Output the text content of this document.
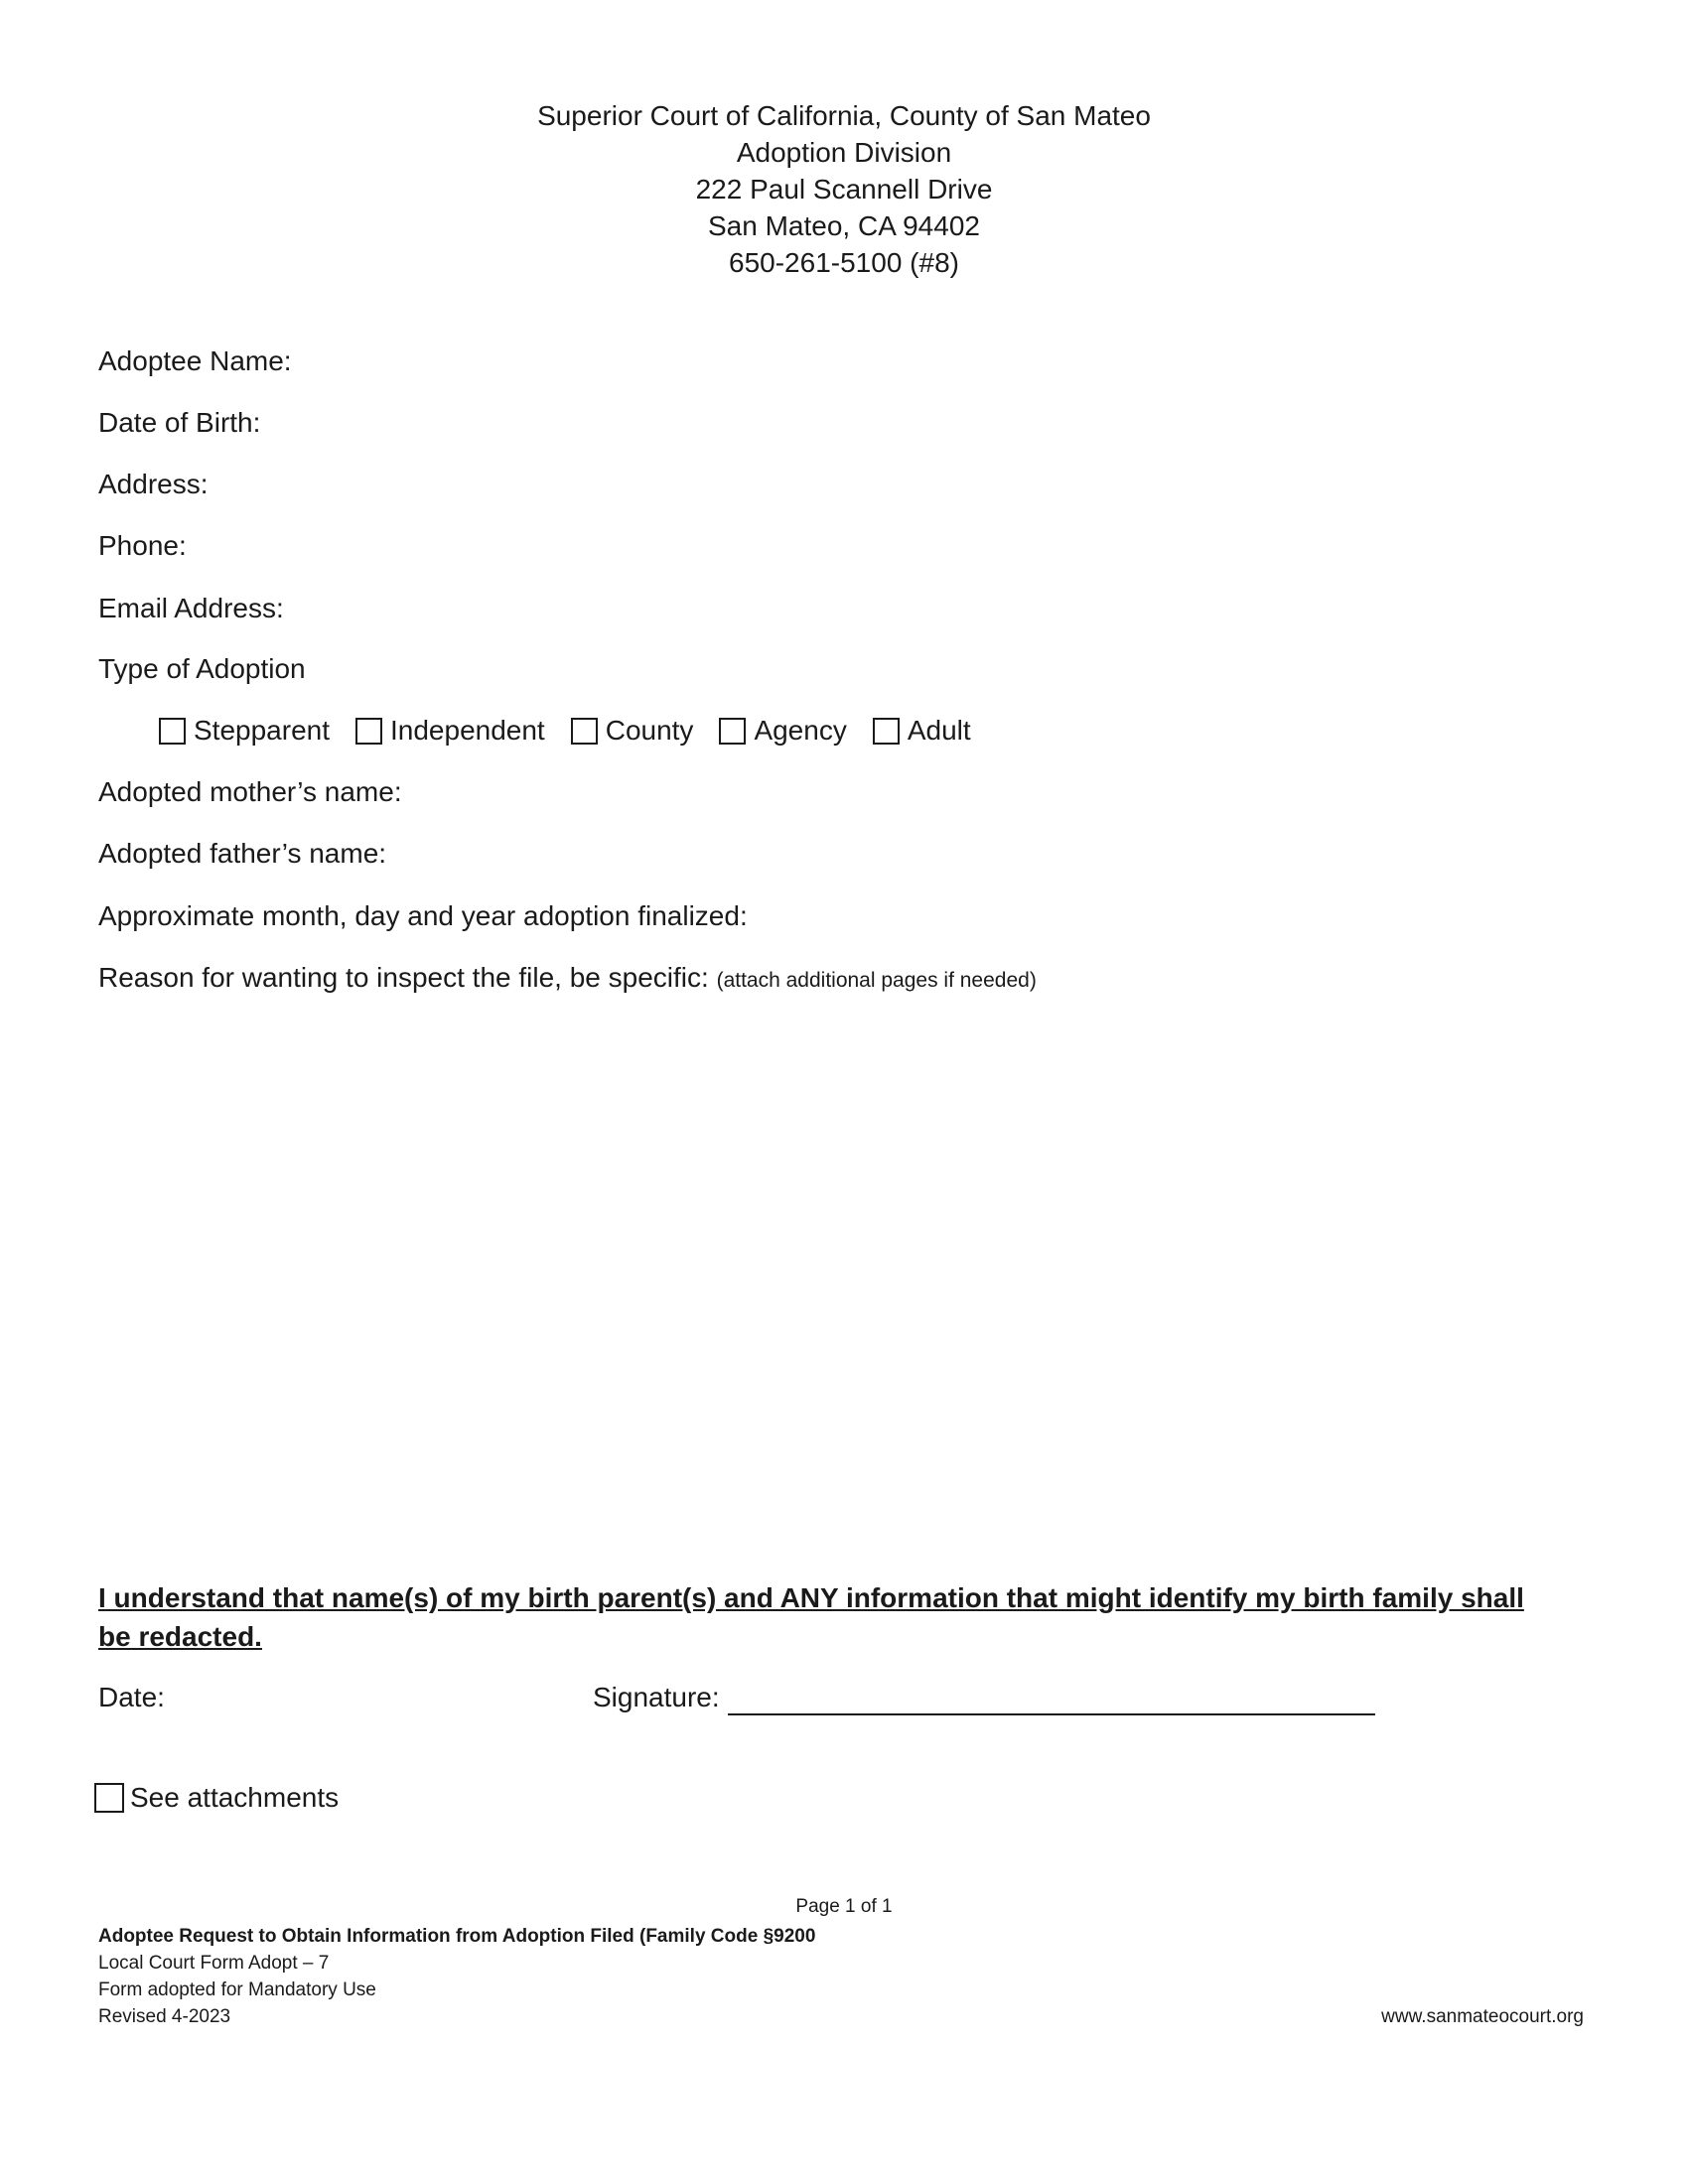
Superior Court of California, County of San Mateo
Adoption Division
222 Paul Scannell Drive
San Mateo, CA 94402
650-261-5100 (#8)
Adoptee Name:
Date of Birth:
Address:
Phone:
Email Address:
Type of Adoption
Stepparent Independent County Agency Adult
Adopted mother’s name:
Adopted father’s name:
Approximate month, day and year adoption finalized:
Reason for wanting to inspect the file, be specific: (attach additional pages if needed)
I understand that name(s) of my birth parent(s) and ANY information that might identify my birth family shall be redacted.
Date:	Signature:
See attachments
Page 1 of 1
Adoptee Request to Obtain Information from Adoption Filed (Family Code §9200
Local Court Form Adopt – 7
Form adopted for Mandatory Use
Revised 4-2023	www.sanmateocourt.org
